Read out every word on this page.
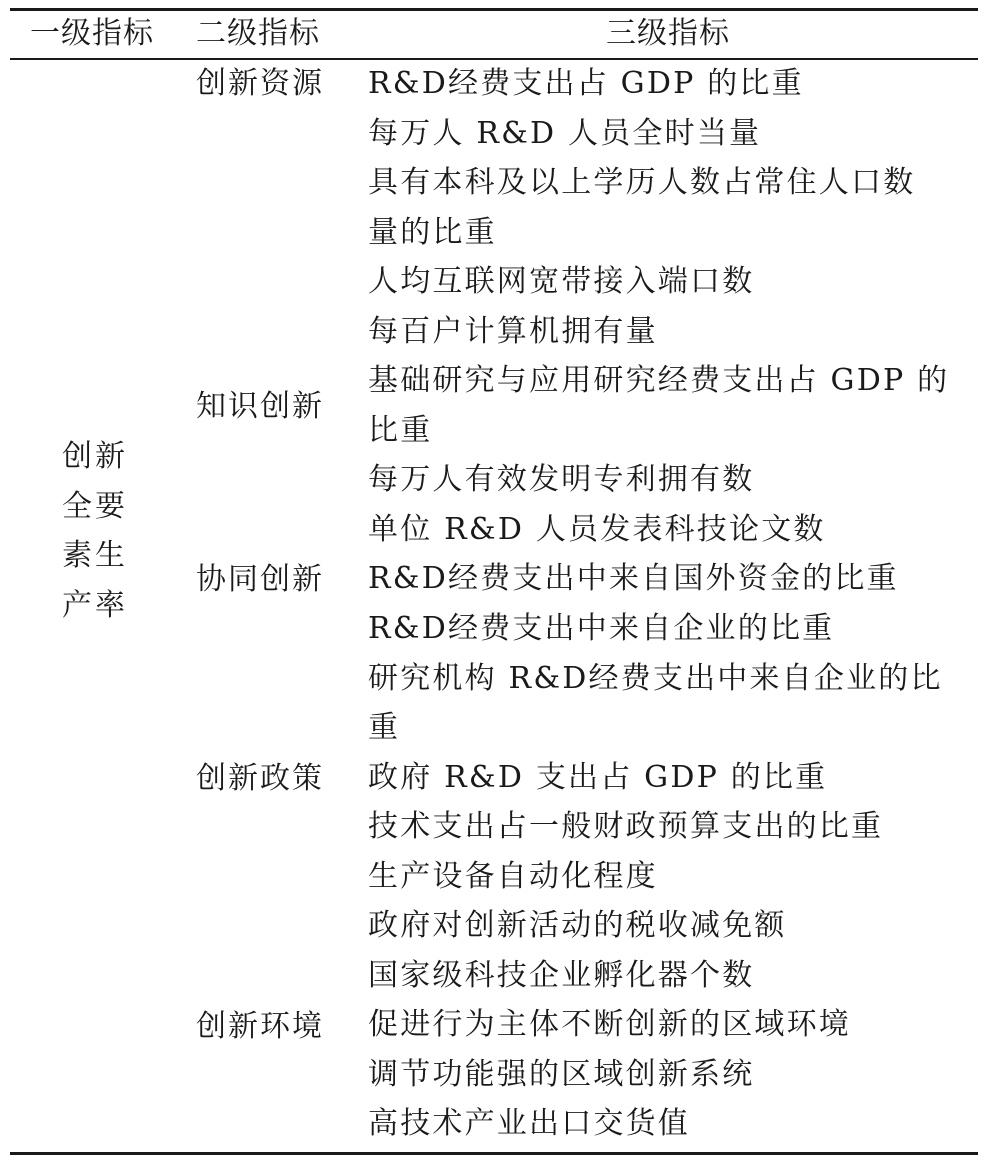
一级指标 二级指标	三级指标
创新
全要
素生
产率
创新资源
知识创新
协同创新
创新政策
创新环境
R&D经费支出占 GDP 的比重
每万人 R&D 人员全时当量
具有本科及以上学历人数占常住人口数
量的比重
人均互联网宽带接入端口数
每百户计算机拥有量
基础研究与应用研究经费支出占 GDP 的
比重
每万人有效发明专利拥有数
单位 R&D 人员发表科技论文数
R&D经费支出中来自国外资金的比重
R&D经费支出中来自企业的比重
研究机构 R&D经费支出中来自企业的比
重
政府 R&D 支出占 GDP 的比重
技术支出占一般财政预算支出的比重
生产设备自动化程度
政府对创新活动的税收减免额
国家级科技企业孵化器个数
促进行为主体不断创新的区域环境
调节功能强的区域创新系统
高技术产业出口交货值
